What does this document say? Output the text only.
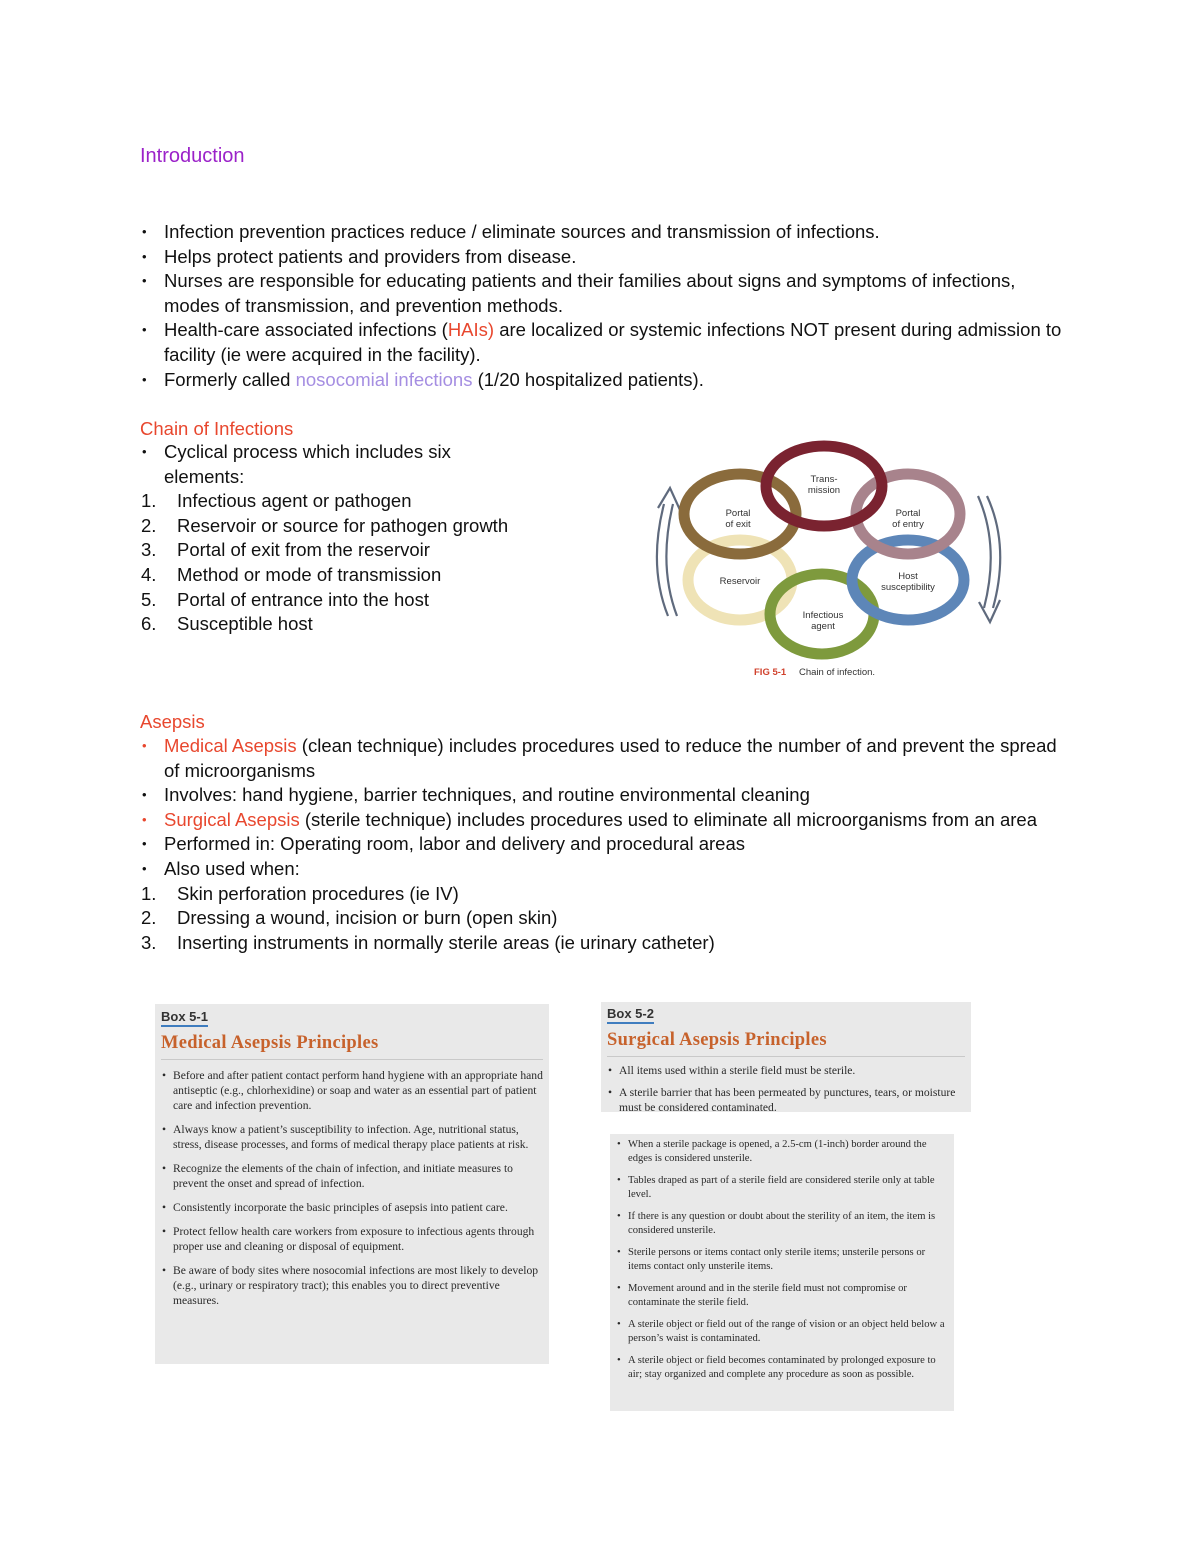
Introduction
• Infection prevention practices reduce / eliminate sources and transmission of infections.
• Helps protect patients and providers from disease.
• Nurses are responsible for educating patients and their families about signs and symptoms of infections, modes of transmission, and prevention methods.
• Health-care associated infections (HAIs) are localized or systemic infections NOT present during admission to facility (ie were acquired in the facility).
• Formerly called nosocomial infections (1/20 hospitalized patients).
Chain of Infections
• Cyclical process which includes six elements:
1. Infectious agent or pathogen
2. Reservoir or source for pathogen growth
3. Portal of exit from the reservoir
4. Method or mode of transmission
5. Portal of entrance into the host
6. Susceptible host
Trans-
mission
Portal
of exit
Portal
of entry
Reservoir	Host
susceptibility
Infectious
agent
FIG 5-1 Chain of infection.
Asepsis
• Medical Asepsis (clean technique) includes procedures used to reduce the number of and prevent the spread of microorganisms
• Involves: hand hygiene, barrier techniques, and routine environmental cleaning
• Surgical Asepsis (sterile technique) includes procedures used to eliminate all microorganisms from an area
• Performed in: Operating room, labor and delivery and procedural areas
• Also used when:
1. Skin perforation procedures (ie IV)
2. Dressing a wound, incision or burn (open skin)
3. Inserting instruments in normally sterile areas (ie urinary catheter)
Box 5-1
Medical Asepsis Principles
• Before and after patient contact perform hand hygiene with an appropriate hand antiseptic (e.g., chlorhexidine) or soap and water as an essential part of patient care and infection prevention.
• Always know a patient’s susceptibility to infection. Age, nutritional status, stress, disease processes, and forms of medical therapy place patients at risk.
• Recognize the elements of the chain of infection, and initiate measures to prevent the onset and spread of infection.
• Consistently incorporate the basic principles of asepsis into patient care.
• Protect fellow health care workers from exposure to infectious agents through proper use and cleaning or disposal of equipment.
• Be aware of body sites where nosocomial infections are most likely to develop (e.g., urinary or respiratory tract); this enables you to direct preventive measures.
Box 5-2
Surgical Asepsis Principles
• All items used within a sterile field must be sterile.
• A sterile barrier that has been permeated by punctures, tears, or moisture must be considered contaminated.
• When a sterile package is opened, a 2.5-cm (1-inch) border around the edges is considered unsterile.
• Tables draped as part of a sterile field are considered sterile only at table level.
• If there is any question or doubt about the sterility of an item, the item is considered unsterile.
• Sterile persons or items contact only sterile items; unsterile persons or items contact only unsterile items.
• Movement around and in the sterile field must not compromise or contaminate the sterile field.
• A sterile object or field out of the range of vision or an object held below a person’s waist is contaminated.
• A sterile object or field becomes contaminated by prolonged exposure to air; stay organized and complete any procedure as soon as possible.
